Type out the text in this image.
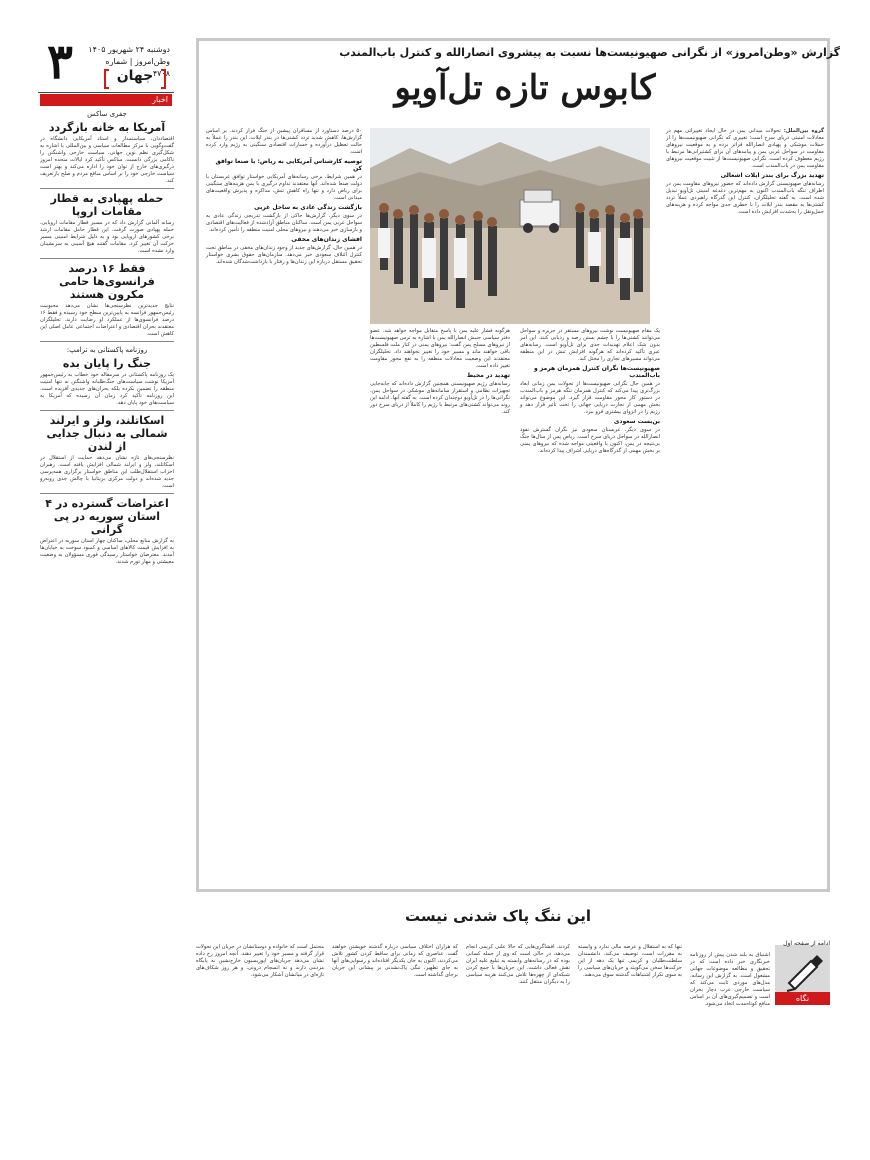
۳	دوشنبه ۲۴ شهریور ۱۴۰۵
وطن‌امروز | شماره ۴۷۰۸
جهان
اخبار
جفری ساکس
آمریکا به خانه بازگردد
اقتصاددان، سیاستمدار و استاد آمریکایی دانشگاه در گفت‌وگویی با مرکز مطالعات سیاسی و بین‌المللی با اشاره به شکل‌گیری نظم نوین جهانی، سیاست خارجی واشنگتن را ناکامی بزرگی دانست. ساکس تأکید کرد ایالات متحده امروز درگیری‌های خارج از توان خود را اداره می‌کند و بهتر است سیاست خارجی خود را بر اساس منافع مردم و صلح بازتعریف کند.
حمله پهپادی به قطار مقامات اروپا
رسانه آلمانی گزارش داد که در مسیر قطار مقامات اروپایی، حمله پهپادی صورت گرفت. این قطار حامل مقامات ارشد برخی کشورهای اروپایی بود و به دلیل شرایط امنیتی مسیر حرکت آن تغییر کرد. مقامات گفتند هیچ آسیبی به سرنشینان وارد نشده است.
فقط ۱۶ درصد فرانسوی‌ها حامی مکرون هستند
نتایج جدیدترین نظرسنجی‌ها نشان می‌دهد محبوبیت رئیس‌جمهور فرانسه به پایین‌ترین سطح خود رسیده و فقط ۱۶ درصد فرانسوی‌ها از عملکرد او رضایت دارند. تحلیلگران معتقدند بحران اقتصادی و اعتراضات اجتماعی عامل اصلی این کاهش است.
روزنامه پاکستانی به ترامپ:
جنگ را پایان بده
یک روزنامه پاکستانی در سرمقاله خود خطاب به رئیس‌جمهور آمریکا نوشت سیاست‌های جنگ‌طلبانه واشنگتن نه تنها امنیت منطقه را تضمین نکرده بلکه بحران‌های جدیدی آفریده است. این روزنامه تأکید کرد زمان آن رسیده که آمریکا به سیاست‌های خود پایان دهد.
اسکاتلند، ولز و ایرلند شمالی به دنبال جدایی از لندن
نظرسنجی‌های تازه نشان می‌دهد حمایت از استقلال در اسکاتلند، ولز و ایرلند شمالی افزایش یافته است. رهبران احزاب استقلال‌طلب این مناطق خواستار برگزاری همه‌پرسی جدید شده‌اند و دولت مرکزی بریتانیا با چالش جدی روبه‌رو است.
اعتراضات گسترده در ۴ استان سوریه در پی گرانی
به گزارش منابع محلی، ساکنان چهار استان سوریه در اعتراض به افزایش قیمت کالاهای اساسی و کمبود سوخت به خیابان‌ها آمدند. معترضان خواستار رسیدگی فوری مسؤولان به وضعیت معیشتی و مهار تورم شدند.
گزارش «وطن‌امروز» از نگرانی صهیونیست‌ها نسبت به پیشروی انصارالله و کنترل باب‌المندب
کابوس تازه تل‌آویو
گروه بین‌الملل: تحولات میدانی یمن در حال ایجاد تغییراتی مهم در معادلات امنیتی دریای سرخ است؛ تغییری که نگرانی صهیونیست‌ها را از حملات موشکی و پهپادی انصارالله فراتر برده و به موقعیت نیروهای مقاومت در سواحل غربی یمن و پیامدهای آن برای کشتیرانی‌ها مرتبط با رژیم معطوف کرده است. نگرانی صهیونیست‌ها از تثبیت موقعیت نیروهای مقاومت یمن در باب‌المندب است.
تهدید بزرگ برای بندر ایلات اشغالی
رسانه‌های صهیونیستی گزارش داده‌اند که حضور نیروهای مقاومت یمن در اطراف تنگه باب‌المندب اکنون به مهم‌ترین دغدغه امنیتی تل‌آویو تبدیل شده است. به گفته تحلیلگران، کنترل این گذرگاه راهبردی عملاً تردد کشتی‌ها به مقصد بندر ایلات را با خطری جدی مواجه کرده و هزینه‌های حمل‌ونقل را به‌شدت افزایش داده است.
یک مقام صهیونیست نوشت نیروهای مستقر در جزیره و سواحل می‌توانند کشتی‌ها را با چشم بستن رصد و ردیابی کنند. این امر بدون شک اعلام تهدیدات جدی برای تل‌آویو است. رسانه‌های عبری تأکید کرده‌اند که هرگونه افزایش تنش در این منطقه می‌تواند مسیرهای تجاری را مختل کند.
صهیونیست‌ها نگران کنترل همزمان هرمز و باب‌المندب
در همین حال نگرانی صهیونیست‌ها از تحولات یمن زمانی ابعاد بزرگ‌تری پیدا می‌کند که کنترل همزمان تنگه هرمز و باب‌المندب در دستور کار محور مقاومت قرار گیرد. این موضوع می‌تواند بخش مهمی از تجارت دریایی جهانی را تحت تأثیر قرار دهد و رژیم را در انزوای بیشتری فرو ببرد.
بن‌بست سعودی
در سوی دیگر، عربستان سعودی نیز نگران گسترش نفوذ انصارالله در سواحل دریای سرخ است. ریاض پس از سال‌ها جنگ بی‌نتیجه در یمن، اکنون با واقعیتی مواجه شده که نیروهای یمنی بر بخش مهمی از گذرگاه‌های دریایی اشراف پیدا کرده‌اند.
هرگونه فشار علیه یمن با پاسخ متقابل مواجه خواهد شد. عضو دفتر سیاسی جنبش انصارالله یمن با اشاره به ترس صهیونیست‌ها از نیروهای مسلح یمن گفت: نیروهای یمنی در کنار ملت فلسطین باقی خواهند ماند و مسیر خود را تغییر نخواهند داد. تحلیلگران معتقدند این وضعیت معادلات منطقه را به نفع محور مقاومت تغییر داده است.
تهدید در محیط
رسانه‌های رژیم صهیونیستی همچنین گزارش داده‌اند که جابه‌جایی تجهیزات نظامی و استقرار سامانه‌های موشکی در سواحل یمن، نگرانی‌ها را در تل‌آویو دوچندان کرده است. به گفته آنها، ادامه این روند می‌تواند کشتی‌های مرتبط با رژیم را کاملاً از دریای سرخ دور کند.
۵۰ درصد دستاورد از مسافران پیشین از جنگ فرار کردند. بر اساس گزارش‌ها، کاهش شدید تردد کشتی‌ها در بندر ایلات، این بندر را عملاً به حالت تعطیل درآورده و خسارات اقتصادی سنگینی به رژیم وارد کرده است.
توصیه کارشناس آمریکایی به ریاض: با صنعا توافق کن
در همین شرایط، برخی رسانه‌های آمریکایی خواستار توافق عربستان با دولت صنعا شده‌اند. آنها معتقدند تداوم درگیری با یمن هزینه‌های سنگینی برای ریاض دارد و تنها راه کاهش تنش، مذاکره و پذیرش واقعیت‌های میدانی است.
بازگشت زندگی عادی به ساحل غربی
در سوی دیگر، گزارش‌ها حاکی از بازگشت تدریجی زندگی عادی به سواحل غربی یمن است. ساکنان مناطق آزادشده از فعالیت‌های اقتصادی و بازسازی خبر می‌دهند و نیروهای محلی امنیت منطقه را تأمین کرده‌اند.
افشای زندان‌های مخفی
در همین حال، گزارش‌های جدید از وجود زندان‌های مخفی در مناطق تحت کنترل ائتلاف سعودی خبر می‌دهد. سازمان‌های حقوق بشری خواستار تحقیق مستقل درباره این زندان‌ها و رفتار با بازداشت‌شدگان شده‌اند.
این ننگ پاک شدنی نیست
نگاه
ادامه از صفحه اول
اشتیاق به بلند شدن پیش از روزنامه خبرنگاری خبر داده است که در تحقیق و مطالعه موضوعات جهانی مشغول است. به گزارش این رسانه، مدل‌های موردی ثابت می‌کند که سیاست خارجی غرب دچار بحران است و تصمیم‌گیری‌های آن بر اساس منافع کوتاه‌مدت اتخاذ می‌شود.
تنها که به استقلال و عرضه مالی ندارد و وابسته به مقررات است، توصیف می‌کند. دانشمندان سلطنت‌طلبان و کریمی تنها یک دهه از این حرکت‌ها سخن می‌گویند و جریان‌های سیاسی را به سوی تکرار اشتباهات گذشته سوق می‌دهند.
کردند. افشاگری‌هایی که حالا علنی کریمی انجام می‌دهد، در حالی است که وی از جمله کسانی بوده که در رسانه‌های وابسته به تبلیغ علیه ایران نقش فعالی داشت. این جریان‌ها با جمع کردن شبکه‌ای از چهره‌ها تلاش می‌کنند هزینه سیاسی را به دیگران منتقل کنند.
که هزاران اختلاف سیاسی درباره گذشته خویشتن خواهند گفت. عناصری که زمانی برای ساقط کردن کشور تلاش می‌کردند، اکنون به جان یکدیگر افتاده‌اند و رسوایی‌های آنها به جای تطهیر، ننگی پاک‌نشدنی بر پیشانی این جریان برجای گذاشته است.
محتمل است که خانواده و دوستانشان در جریان این تحولات قرار گرفته و مسیر خود را تغییر دهند. آنچه امروز رخ داده نشان می‌دهد جریان‌های اپوزیسیون خارج‌نشین نه پایگاه مردمی دارند و نه انسجام درونی، و هر روز شکاف‌های تازه‌ای در میانشان آشکار می‌شود.
